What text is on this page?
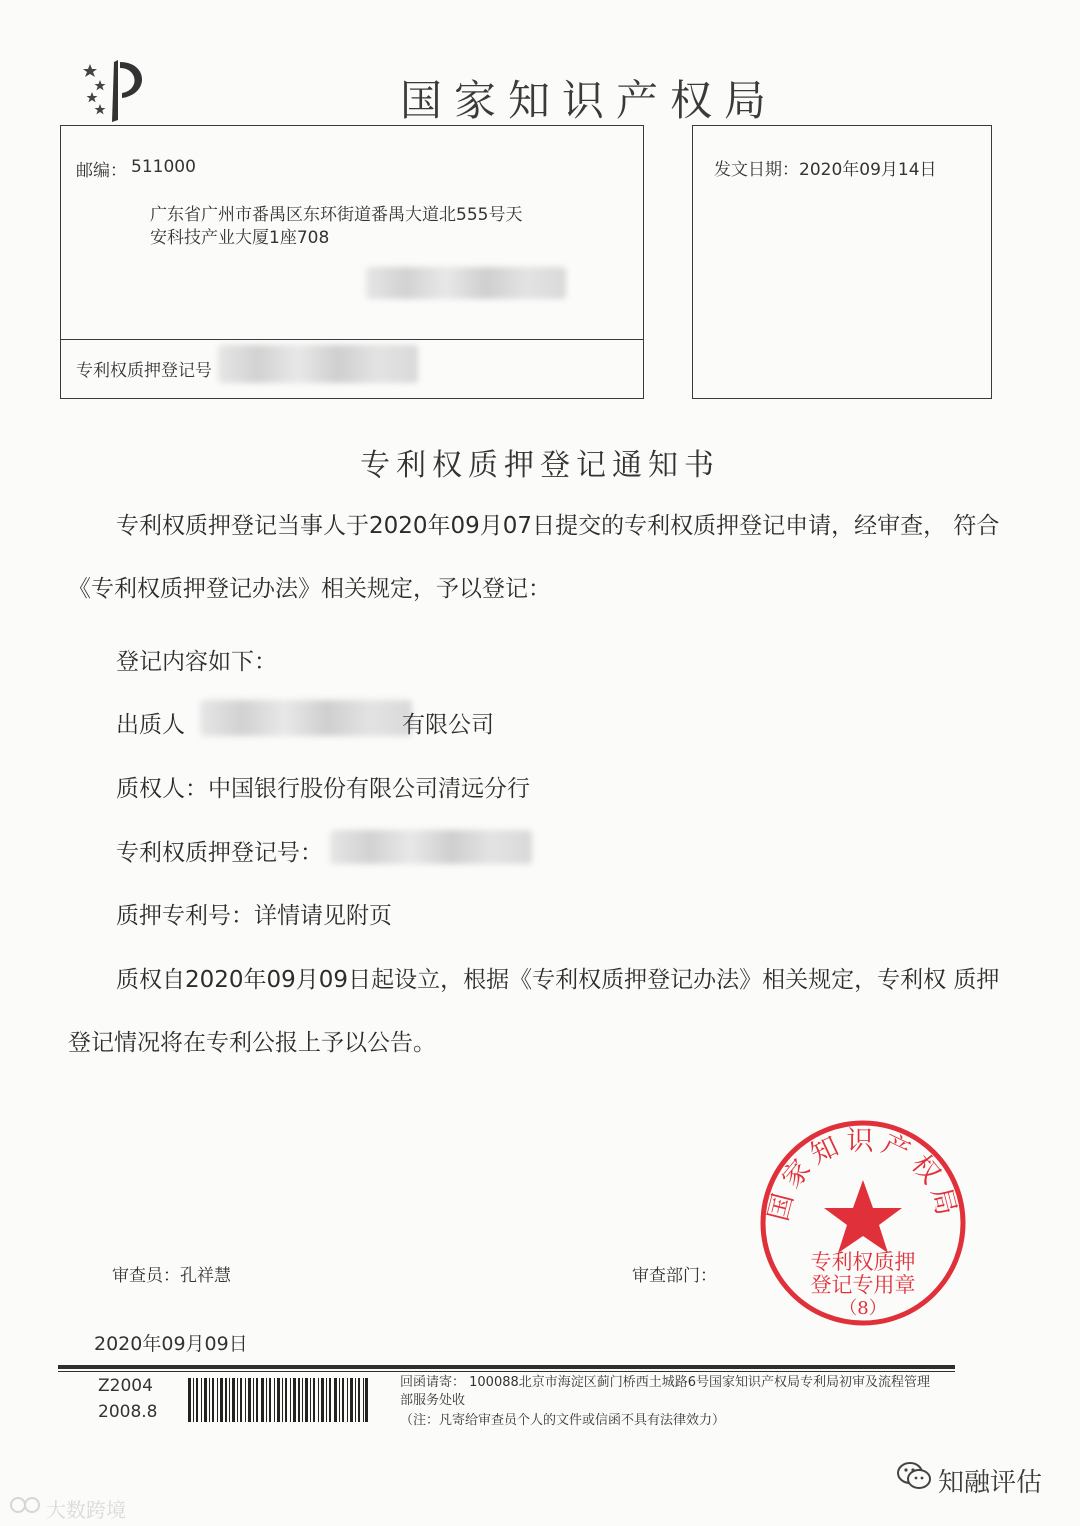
国家知识产权局
邮编： 511000
广东省广州市番禺区东环街道番禺大道北555号天
安科技产业大厦1座708
专利权质押登记号
发文日期：2020年09月14日
专利权质押登记通知书
专利权质押登记当事人于2020年09月07日提交的专利权质押登记申请，经审查， 符合
《专利权质押登记办法》相关规定，予以登记：
登记内容如下：
出质人	有限公司
质权人：中国银行股份有限公司清远分行
专利权质押登记号：
质押专利号：详情请见附页
质权自2020年09月09日起设立，根据《专利权质押登记办法》相关规定，专利权 质押
登记情况将在专利公报上予以公告。
审查员：孔祥慧	审查部门：
2020年09月09日
国家知识产权局
专利权质押
登记专用章
（8）
Z2004
2008.8
回函请寄： 100088北京市海淀区蓟门桥西土城路6号国家知识产权局专利局初审及流程管理
部服务处收
（注：凡寄给审查员个人的文件或信函不具有法律效力）
大数跨境
知融评估
